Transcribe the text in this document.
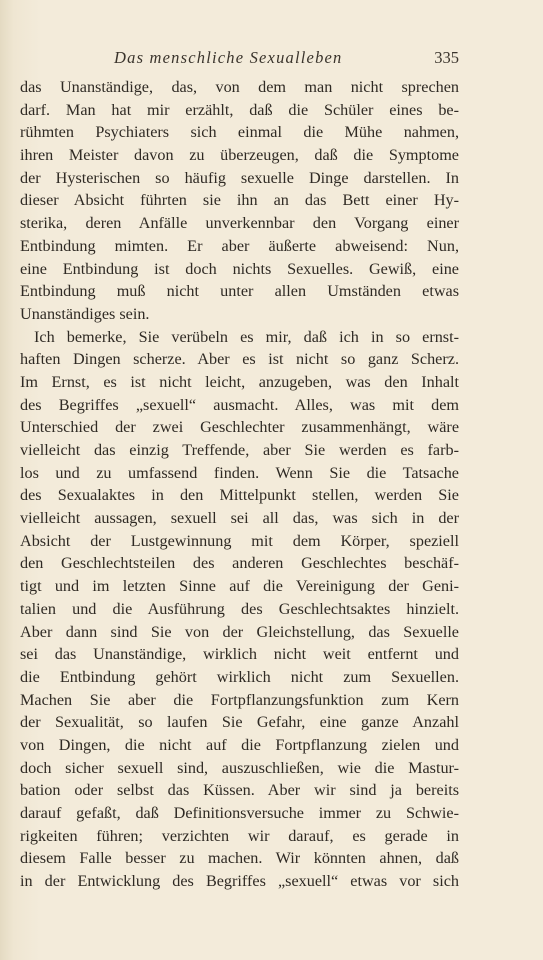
Das menschliche Sexualleben	335
das Unanständige, das, von dem man nicht sprechen
darf. Man hat mir erzählt, daß die Schüler eines be-
rühmten Psychiaters sich einmal die Mühe nahmen,
ihren Meister davon zu überzeugen, daß die Symptome
der Hysterischen so häufig sexuelle Dinge darstellen. In
dieser Absicht führten sie ihn an das Bett einer Hy-
sterika, deren Anfälle unverkennbar den Vorgang einer
Entbindung mimten. Er aber äußerte abweisend: Nun,
eine Entbindung ist doch nichts Sexuelles. Gewiß, eine
Entbindung muß nicht unter allen Umständen etwas
Unanständiges sein.
Ich bemerke, Sie verübeln es mir, daß ich in so ernst-
haften Dingen scherze. Aber es ist nicht so ganz Scherz.
Im Ernst, es ist nicht leicht, anzugeben, was den Inhalt
des Begriffes „sexuell“ ausmacht. Alles, was mit dem
Unterschied der zwei Geschlechter zusammenhängt, wäre
vielleicht das einzig Treffende, aber Sie werden es farb-
los und zu umfassend finden. Wenn Sie die Tatsache
des Sexualaktes in den Mittelpunkt stellen, werden Sie
vielleicht aussagen, sexuell sei all das, was sich in der
Absicht der Lustgewinnung mit dem Körper, speziell
den Geschlechtsteilen des anderen Geschlechtes beschäf-
tigt und im letzten Sinne auf die Vereinigung der Geni-
talien und die Ausführung des Geschlechtsaktes hinzielt.
Aber dann sind Sie von der Gleichstellung, das Sexuelle
sei das Unanständige, wirklich nicht weit entfernt und
die Entbindung gehört wirklich nicht zum Sexuellen.
Machen Sie aber die Fortpflanzungsfunktion zum Kern
der Sexualität, so laufen Sie Gefahr, eine ganze Anzahl
von Dingen, die nicht auf die Fortpflanzung zielen und
doch sicher sexuell sind, auszuschließen, wie die Mastur-
bation oder selbst das Küssen. Aber wir sind ja bereits
darauf gefaßt, daß Definitionsversuche immer zu Schwie-
rigkeiten führen; verzichten wir darauf, es gerade in
diesem Falle besser zu machen. Wir könnten ahnen, daß
in der Entwicklung des Begriffes „sexuell“ etwas vor sich
